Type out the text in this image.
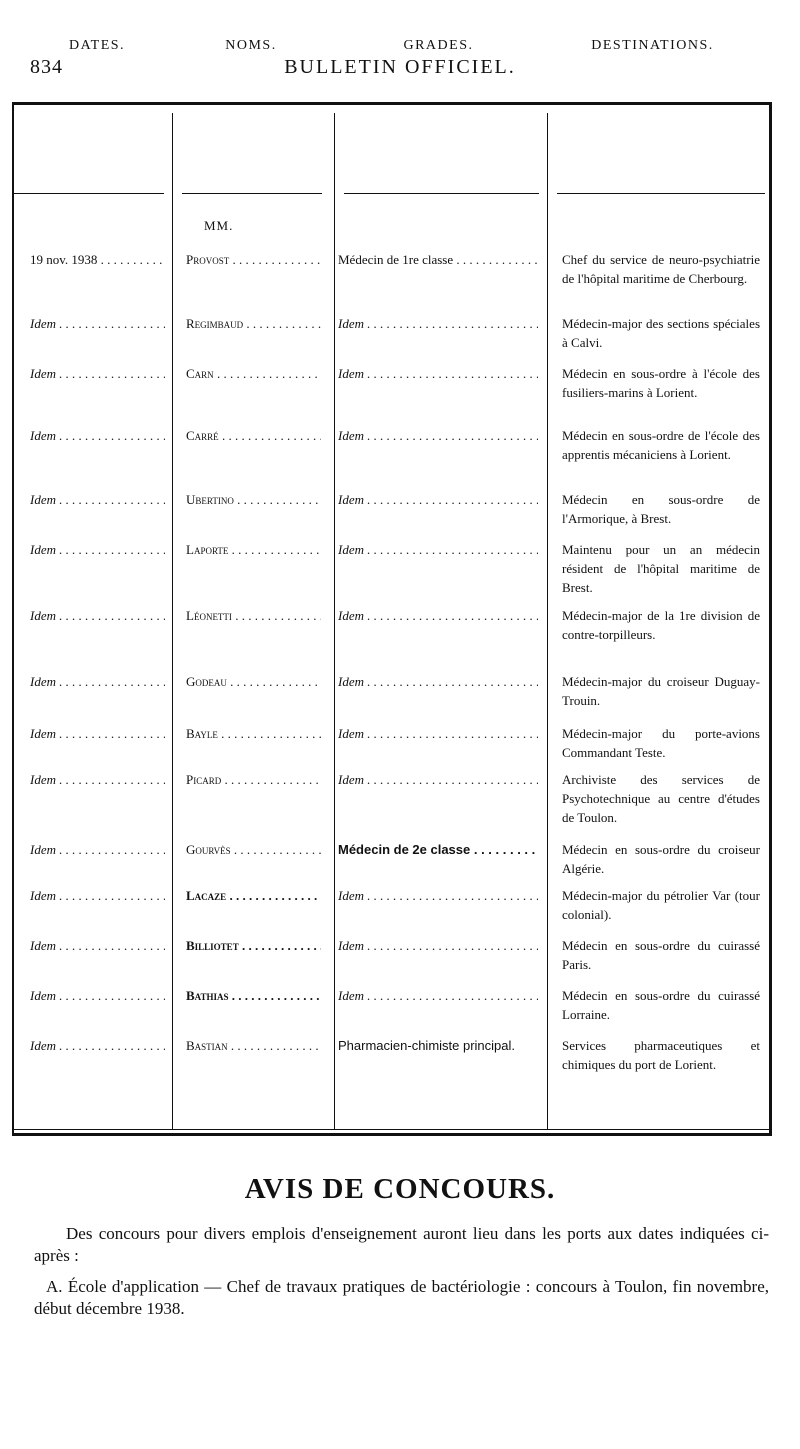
834	BULLETIN OFFICIEL.
DATES.	NOMS.	GRADES.	DESTINATIONS.
MM.
19 nov. 1938 . . .	Provost . . .	Médecin de 1re classe . . .	Chef du service de neuro-psychiatrie de l'hôpital maritime de Cherbourg.
Idem . . .	Regimbaud . . .	Idem . . .	Médecin-major des sections spéciales à Calvi.
Idem . . .	Carn . . .	Idem . . .	Médecin en sous-ordre à l'école des fusiliers-marins à Lorient.
Idem . . .	Carré . . .	Idem . . .	Médecin en sous-ordre de l'école des apprentis mécaniciens à Lorient.
Idem . . .	Ubertino . . .	Idem . . .	Médecin en sous-ordre de l'Armorique, à Brest.
Idem . . .	Laporte . . .	Idem . . .	Maintenu pour un an médecin résident de l'hôpital maritime de Brest.
Idem . . .	Léonetti . . .	Idem . . .	Médecin-major de la 1re division de contre-torpilleurs.
Idem . . .	Godeau . . .	Idem . . .	Médecin-major du croiseur Duguay-Trouin.
Idem . . .	Bayle . . .	Idem . . .	Médecin-major du porte-avions Commandant Teste.
Idem . . .	Picard . . .	Idem . . .	Archiviste des services de Psychotechnique au centre d'études de Toulon.
Idem . . .	Gourvès . . .	Médecin de 2e classe . . .	Médecin en sous-ordre du croiseur Algérie.
Idem . . .	Lacaze . . .	Idem . . .	Médecin-major du pétrolier Var (tour colonial).
Idem . . .	Billiotet . . .	Idem . . .	Médecin en sous-ordre du cuirassé Paris.
Idem . . .	Bathias . . .	Idem . . .	Médecin en sous-ordre du cuirassé Lorraine.
Idem . . .	Bastian . . .	Pharmacien-chimiste principal.	Services pharmaceutiques et chimiques du port de Lorient.
AVIS DE CONCOURS.
Des concours pour divers emplois d'enseignement auront lieu dans les ports aux dates indiquées ci-après :
A. École d'application — Chef de travaux pratiques de bactériologie : concours à Toulon, fin novembre, début décembre 1938.
